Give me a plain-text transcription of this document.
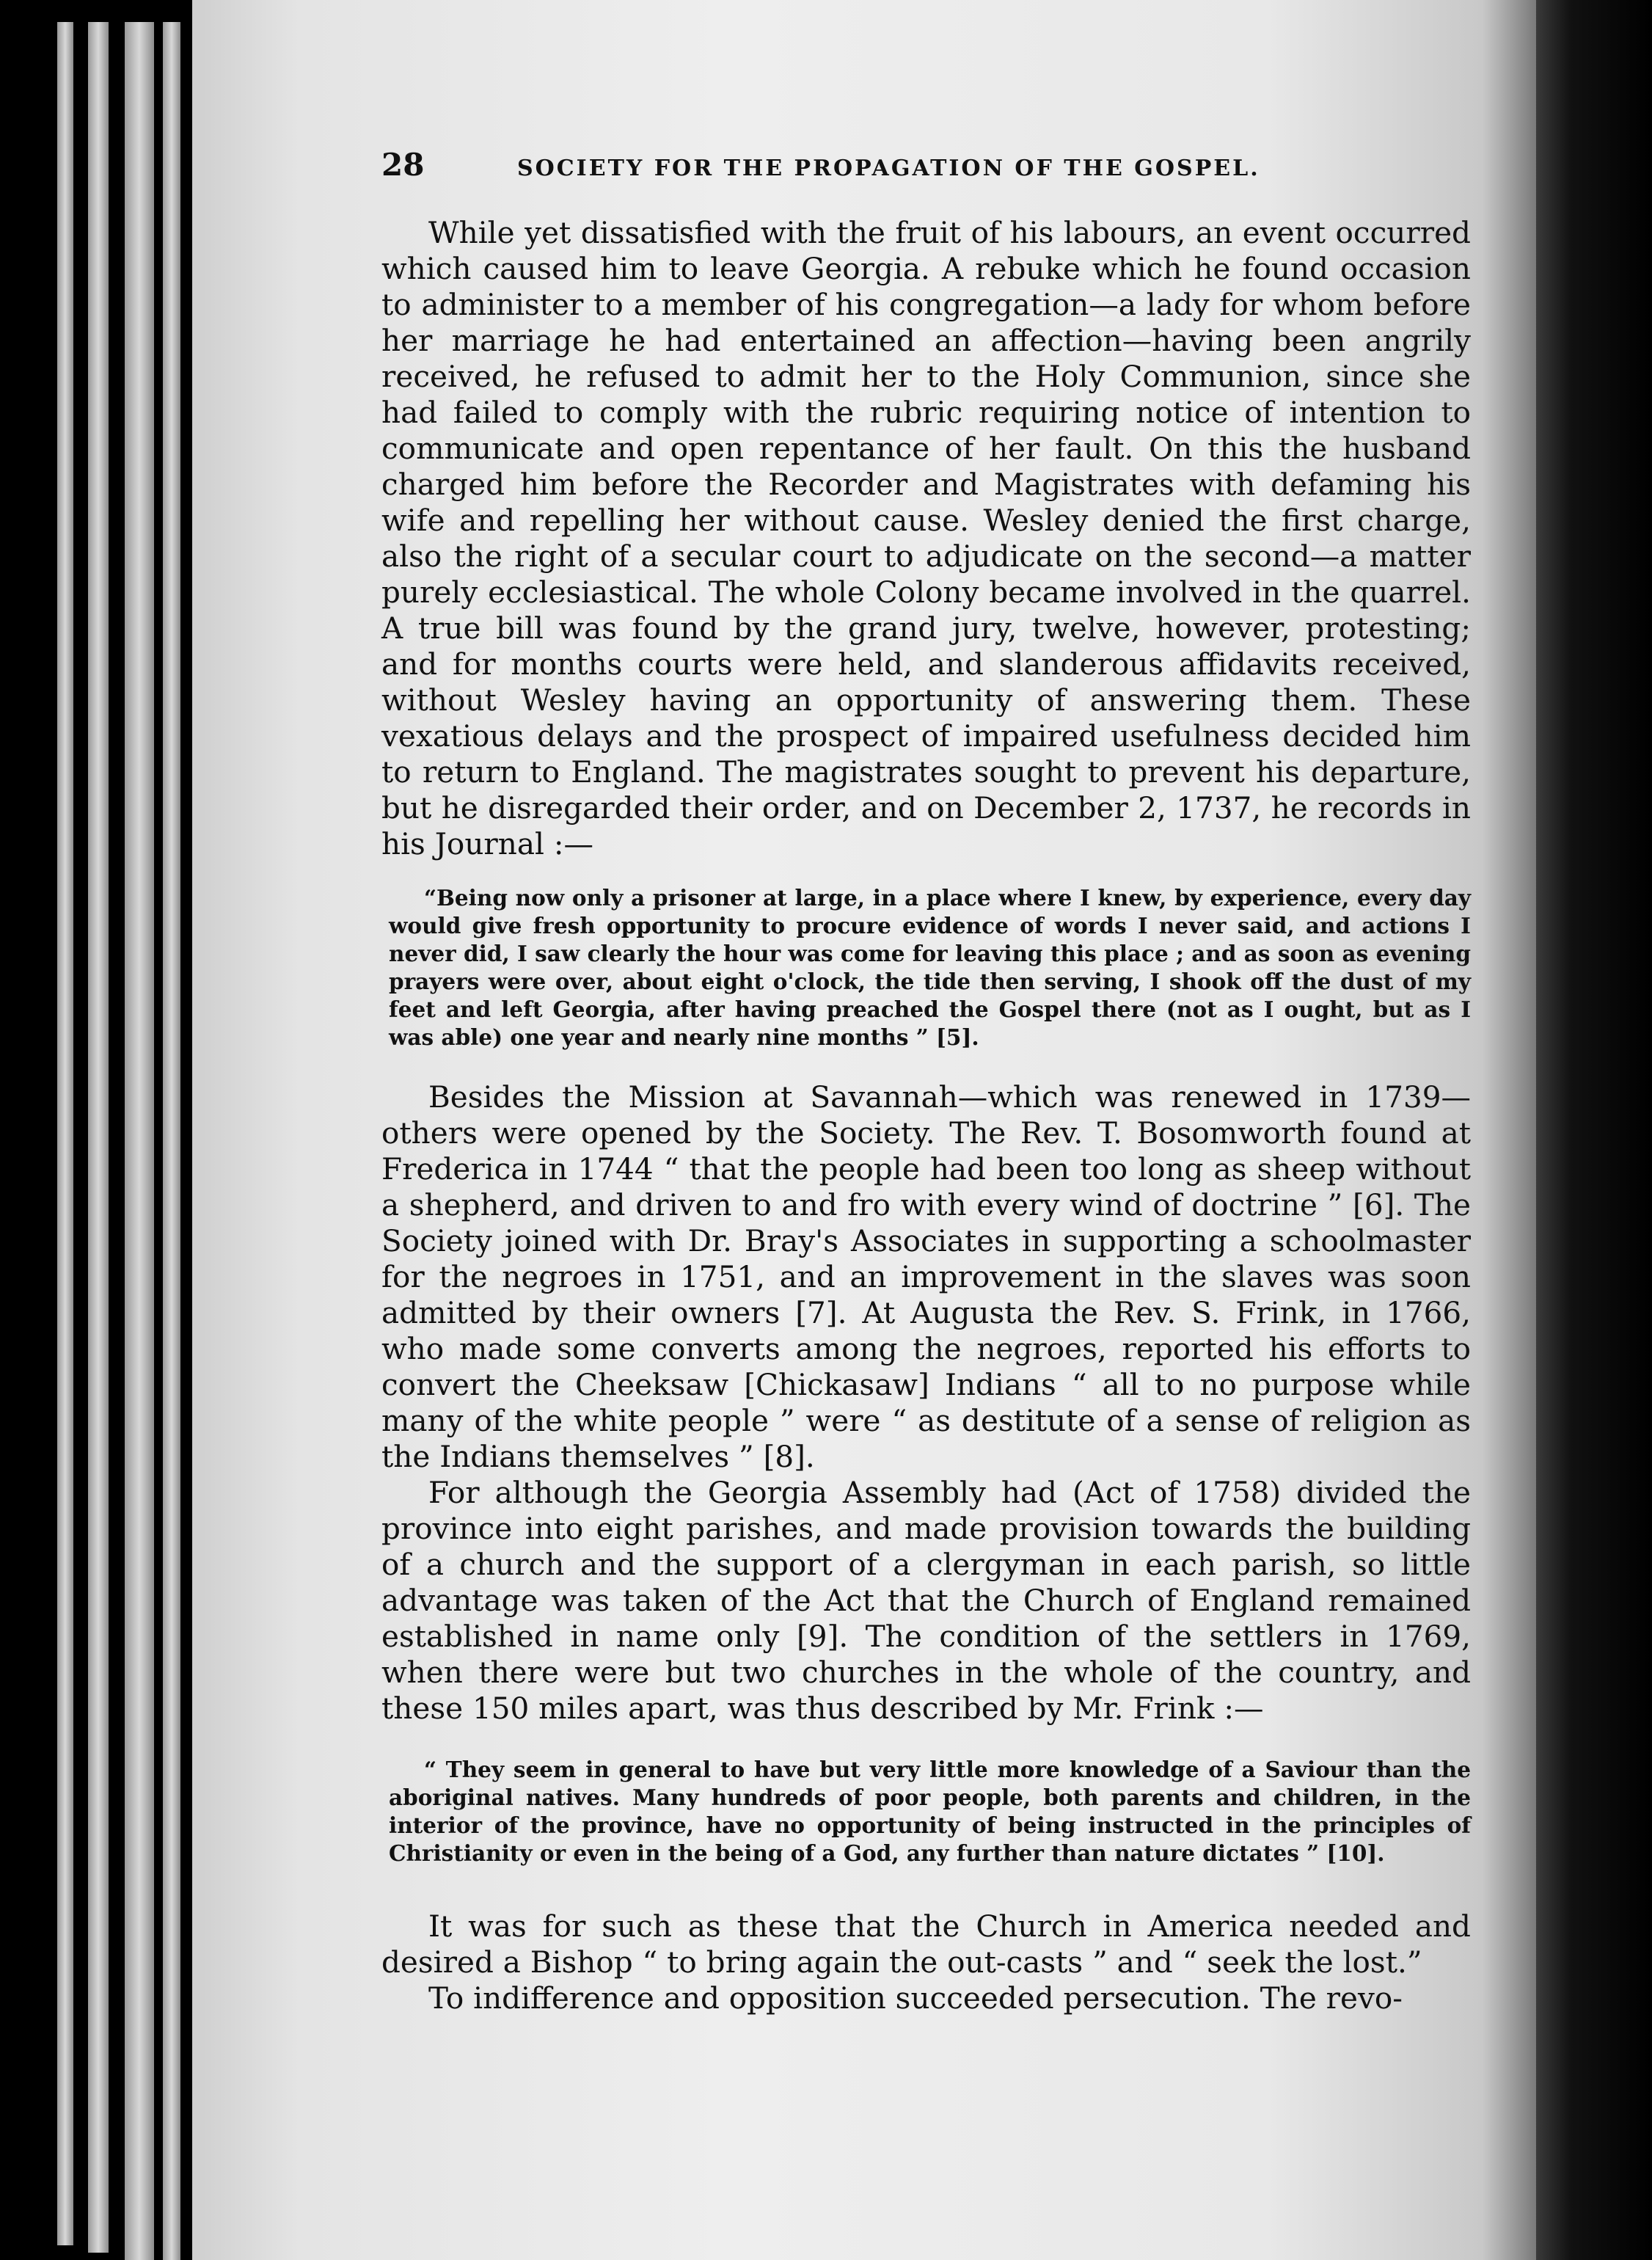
28	SOCIETY FOR THE PROPAGATION OF THE GOSPEL.

While yet dissatisfied with the fruit of his labours, an event occurred which caused him to leave Georgia. A rebuke which he found occasion to administer to a member of his congregation—a lady for whom before her marriage he had entertained an affection—having been angrily received, he refused to admit her to the Holy Communion, since she had failed to comply with the rubric requiring notice of intention to communicate and open repentance of her fault. On this the husband charged him before the Recorder and Magistrates with defaming his wife and repelling her without cause. Wesley denied the first charge, also the right of a secular court to adjudicate on the second—a matter purely ecclesiastical. The whole Colony became involved in the quarrel. A true bill was found by the grand jury, twelve, however, protesting; and for months courts were held, and slanderous affidavits received, without Wesley having an opportunity of answering them. These vexatious delays and the prospect of impaired usefulness decided him to return to England. The magistrates sought to prevent his departure, but he disregarded their order, and on December 2, 1737, he records in his Journal :—

“Being now only a prisoner at large, in a place where I knew, by experience, every day would give fresh opportunity to procure evidence of words I never said, and actions I never did, I saw clearly the hour was come for leaving this place ; and as soon as evening prayers were over, about eight o'clock, the tide then serving, I shook off the dust of my feet and left Georgia, after having preached the Gospel there (not as I ought, but as I was able) one year and nearly nine months ” [5].

Besides the Mission at Savannah—which was renewed in 1739—others were opened by the Society. The Rev. T. Bosomworth found at Frederica in 1744 “ that the people had been too long as sheep without a shepherd, and driven to and fro with every wind of doctrine ” [6]. The Society joined with Dr. Bray's Associates in supporting a schoolmaster for the negroes in 1751, and an improvement in the slaves was soon admitted by their owners [7]. At Augusta the Rev. S. Frink, in 1766, who made some converts among the negroes, reported his efforts to convert the Cheeksaw [Chickasaw] Indians “ all to no purpose while many of the white people ” were “ as destitute of a sense of religion as the Indians themselves ” [8].

For although the Georgia Assembly had (Act of 1758) divided the province into eight parishes, and made provision towards the building of a church and the support of a clergyman in each parish, so little advantage was taken of the Act that the Church of England remained established in name only [9]. The condition of the settlers in 1769, when there were but two churches in the whole of the country, and these 150 miles apart, was thus described by Mr. Frink :—

“ They seem in general to have but very little more knowledge of a Saviour than the aboriginal natives. Many hundreds of poor people, both parents and children, in the interior of the province, have no opportunity of being instructed in the principles of Christianity or even in the being of a God, any further than nature dictates ” [10].

It was for such as these that the Church in America needed and desired a Bishop “ to bring again the out-casts ” and “ seek the lost.”

To indifference and opposition succeeded persecution. The revo-
